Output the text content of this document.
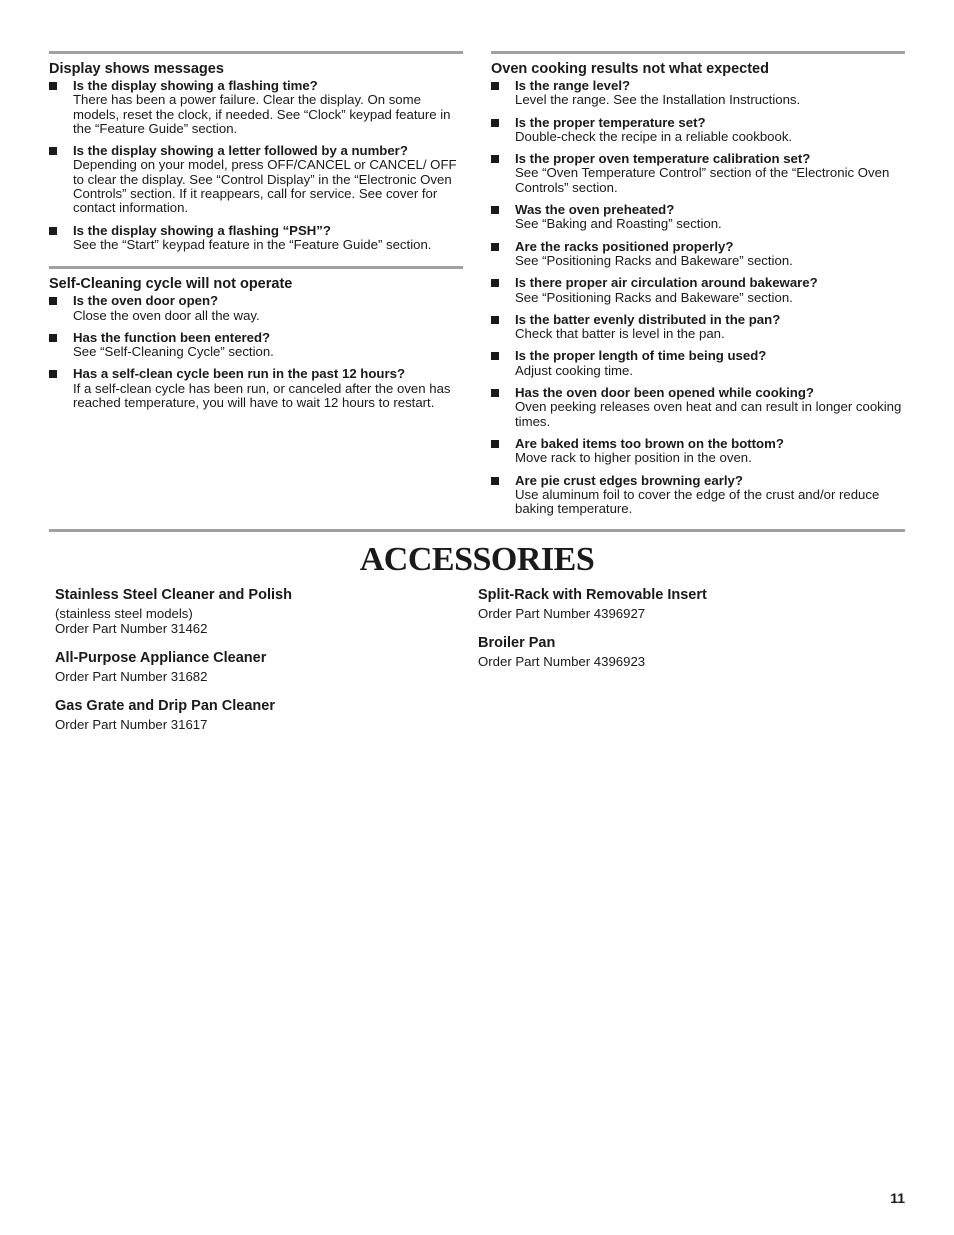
Display shows messages
Is the display showing a flashing time?
There has been a power failure. Clear the display. On some models, reset the clock, if needed. See “Clock” keypad feature in the “Feature Guide” section.
Is the display showing a letter followed by a number?
Depending on your model, press OFF/CANCEL or CANCEL/ OFF to clear the display. See “Control Display” in the “Electronic Oven Controls” section. If it reappears, call for service. See cover for contact information.
Is the display showing a flashing “PSH”?
See the “Start” keypad feature in the “Feature Guide” section.
Self-Cleaning cycle will not operate
Is the oven door open?
Close the oven door all the way.
Has the function been entered?
See “Self-Cleaning Cycle” section.
Has a self-clean cycle been run in the past 12 hours?
If a self-clean cycle has been run, or canceled after the oven has reached temperature, you will have to wait 12 hours to restart.
Oven cooking results not what expected
Is the range level?
Level the range. See the Installation Instructions.
Is the proper temperature set?
Double-check the recipe in a reliable cookbook.
Is the proper oven temperature calibration set?
See “Oven Temperature Control” section of the “Electronic Oven Controls” section.
Was the oven preheated?
See “Baking and Roasting” section.
Are the racks positioned properly?
See “Positioning Racks and Bakeware” section.
Is there proper air circulation around bakeware?
See “Positioning Racks and Bakeware” section.
Is the batter evenly distributed in the pan?
Check that batter is level in the pan.
Is the proper length of time being used?
Adjust cooking time.
Has the oven door been opened while cooking?
Oven peeking releases oven heat and can result in longer cooking times.
Are baked items too brown on the bottom?
Move rack to higher position in the oven.
Are pie crust edges browning early?
Use aluminum foil to cover the edge of the crust and/or reduce baking temperature.
ACCESSORIES
Stainless Steel Cleaner and Polish
(stainless steel models)
Order Part Number 31462
All-Purpose Appliance Cleaner
Order Part Number 31682
Gas Grate and Drip Pan Cleaner
Order Part Number 31617
Split-Rack with Removable Insert
Order Part Number 4396927
Broiler Pan
Order Part Number 4396923
11
